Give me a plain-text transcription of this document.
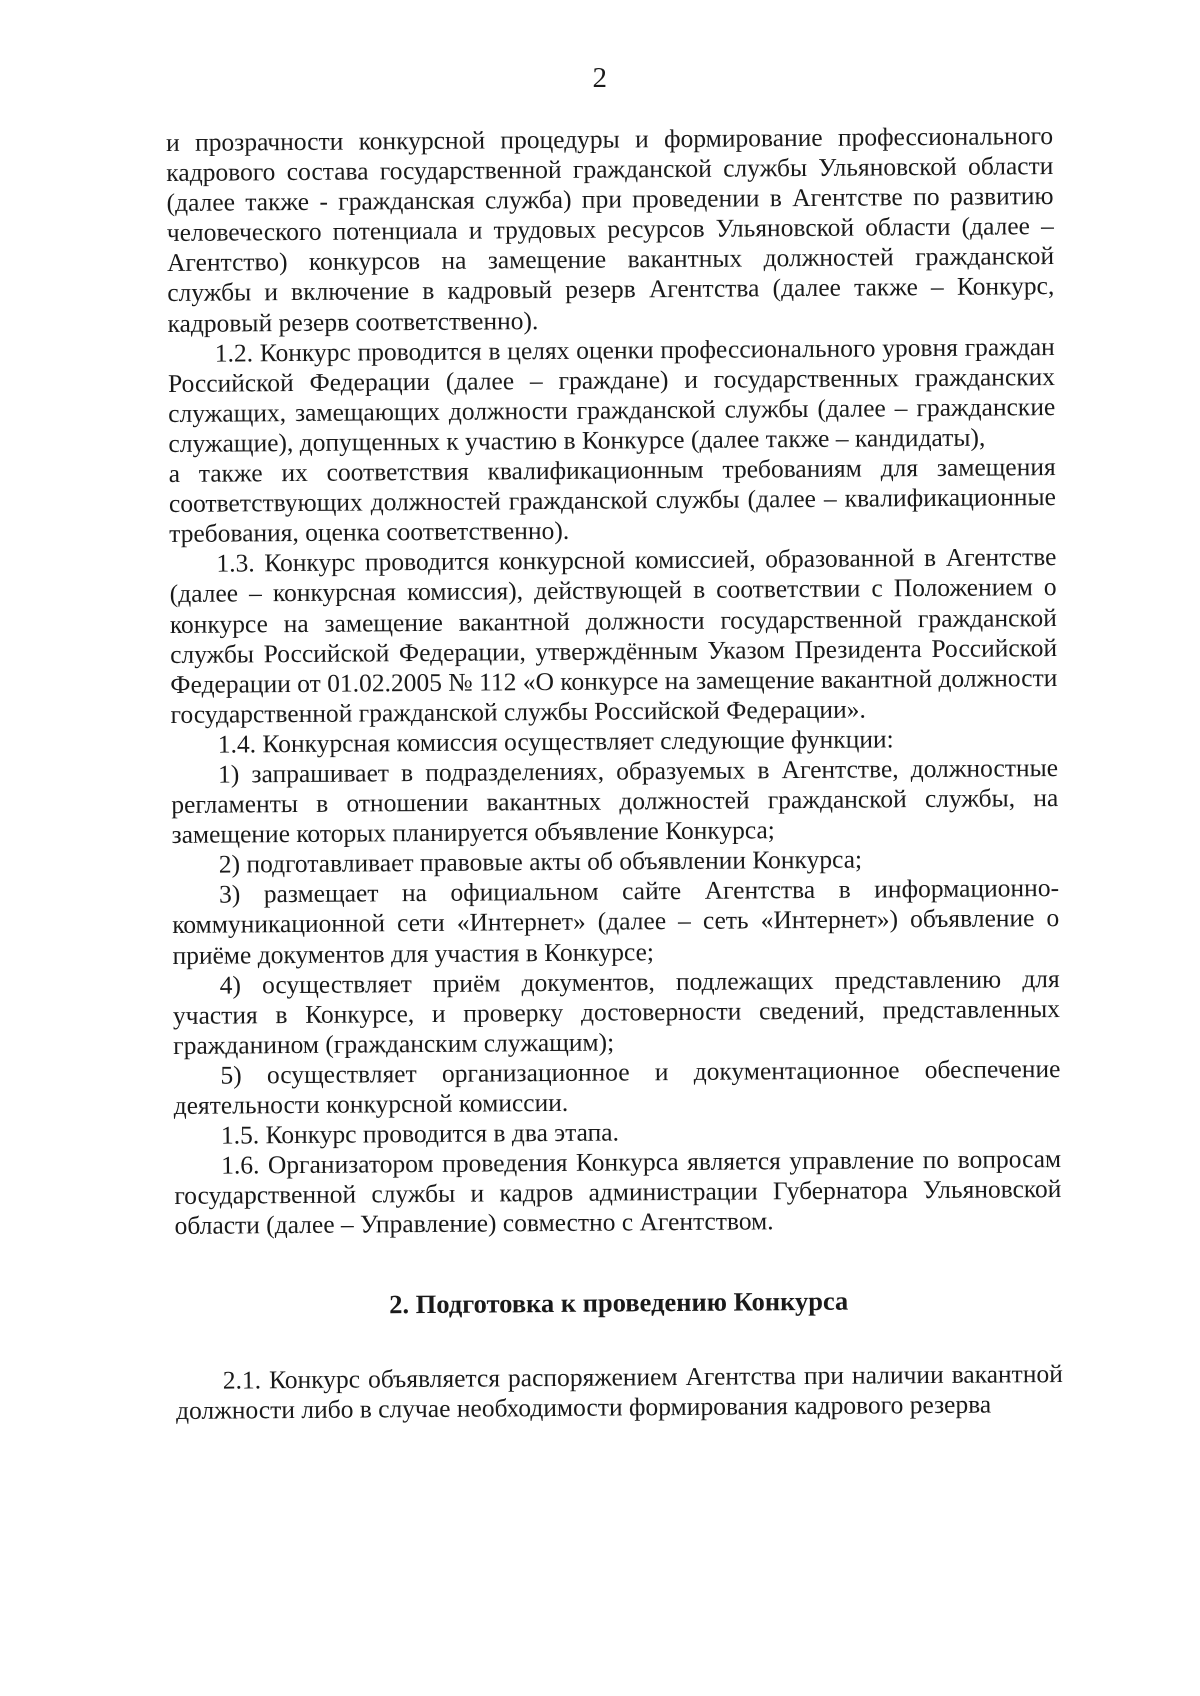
2

и прозрачности конкурсной процедуры и формирование профессионального кадрового состава государственной гражданской службы Ульяновской области (далее также - гражданская служба) при проведении в Агентстве по развитию человеческого потенциала и трудовых ресурсов Ульяновской области (далее – Агентство) конкурсов на замещение вакантных должностей гражданской службы и включение в кадровый резерв Агентства (далее также – Конкурс, кадровый резерв соответственно).

1.2. Конкурс проводится в целях оценки профессионального уровня граждан Российской Федерации (далее – граждане) и государственных гражданских служащих, замещающих должности гражданской службы (далее – гражданские служащие), допущенных к участию в Конкурсе (далее также – кандидаты),

а также их соответствия квалификационным требованиям для замещения соответствующих должностей гражданской службы (далее – квалификационные требования, оценка соответственно).

1.3. Конкурс проводится конкурсной комиссией, образованной в Агентстве (далее – конкурсная комиссия), действующей в соответствии с Положением о конкурсе на замещение вакантной должности государственной гражданской службы Российской Федерации, утверждённым Указом Президента Российской Федерации от 01.02.2005 № 112 «О конкурсе на замещение вакантной должности государственной гражданской службы Российской Федерации».

1.4. Конкурсная комиссия осуществляет следующие функции:

1) запрашивает в подразделениях, образуемых в Агентстве, должностные регламенты в отношении вакантных должностей гражданской службы, на замещение которых планируется объявление Конкурса;

2) подготавливает правовые акты об объявлении Конкурса;

3) размещает на официальном сайте Агентства в информационно-коммуникационной сети «Интернет» (далее – сеть «Интернет») объявление о приёме документов для участия в Конкурсе;

4) осуществляет приём документов, подлежащих представлению для участия в Конкурсе, и проверку достоверности сведений, представленных гражданином (гражданским служащим);

5) осуществляет организационное и документационное обеспечение деятельности конкурсной комиссии.

1.5. Конкурс проводится в два этапа.

1.6. Организатором проведения Конкурса является управление по вопросам государственной службы и кадров администрации Губернатора Ульяновской области (далее – Управление) совместно с Агентством.

2. Подготовка к проведению Конкурса

2.1. Конкурс объявляется распоряжением Агентства при наличии вакантной должности либо в случае необходимости формирования кадрового резерва
